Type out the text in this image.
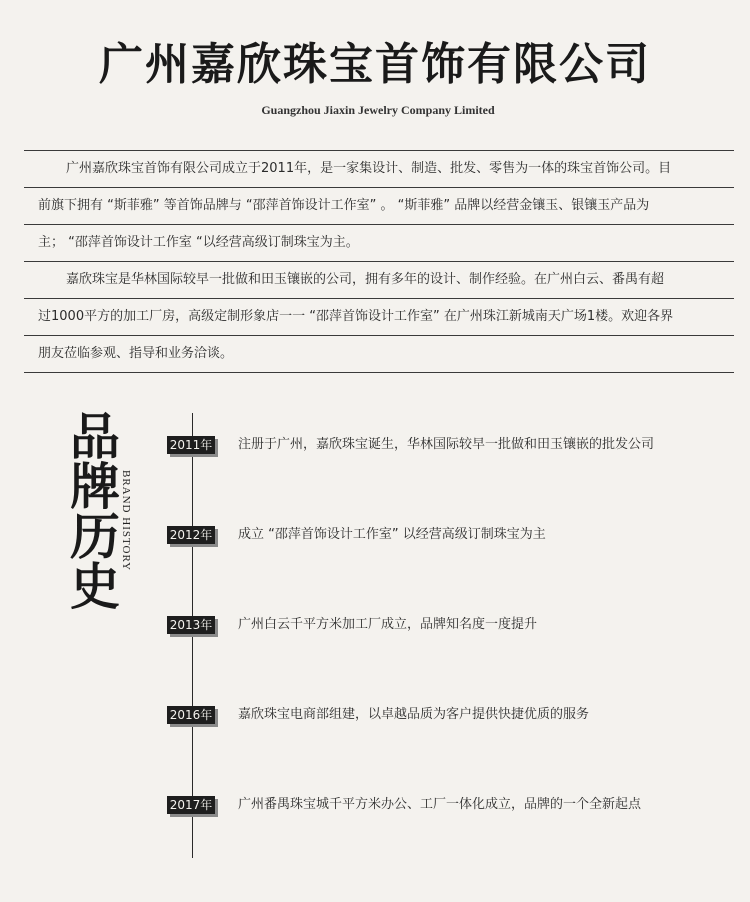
广州嘉欣珠宝首饰有限公司
Guangzhou Jiaxin Jewelry Company Limited
广州嘉欣珠宝首饰有限公司成立于2011年，是一家集设计、制造、批发、零售为一体的珠宝首饰公司。目
前旗下拥有 “斯菲雅” 等首饰品牌与 “邵萍首饰设计工作室” 。 “斯菲雅” 品牌以经营金镶玉、银镶玉产品为
主； “邵萍首饰设计工作室 “以经营高级订制珠宝为主。
嘉欣珠宝是华林国际较早一批做和田玉镶嵌的公司，拥有多年的设计、制作经验。在广州白云、番禺有超
过1000平方的加工厂房，高级定制形象店一一 “邵萍首饰设计工作室” 在广州珠江新城南天广场1楼。欢迎各界
朋友莅临参观、指导和业务洽谈。
品
牌
历
史
BRAND HISTORY
2011年 注册于广州，嘉欣珠宝诞生，华林国际较早一批做和田玉镶嵌的批发公司
2012年 成立 “邵萍首饰设计工作室” 以经营高级订制珠宝为主
2013年 广州白云千平方米加工厂成立，品牌知名度一度提升
2016年 嘉欣珠宝电商部组建，以卓越品质为客户提供快捷优质的服务
2017年 广州番禺珠宝城千平方米办公、工厂一体化成立，品牌的一个全新起点
